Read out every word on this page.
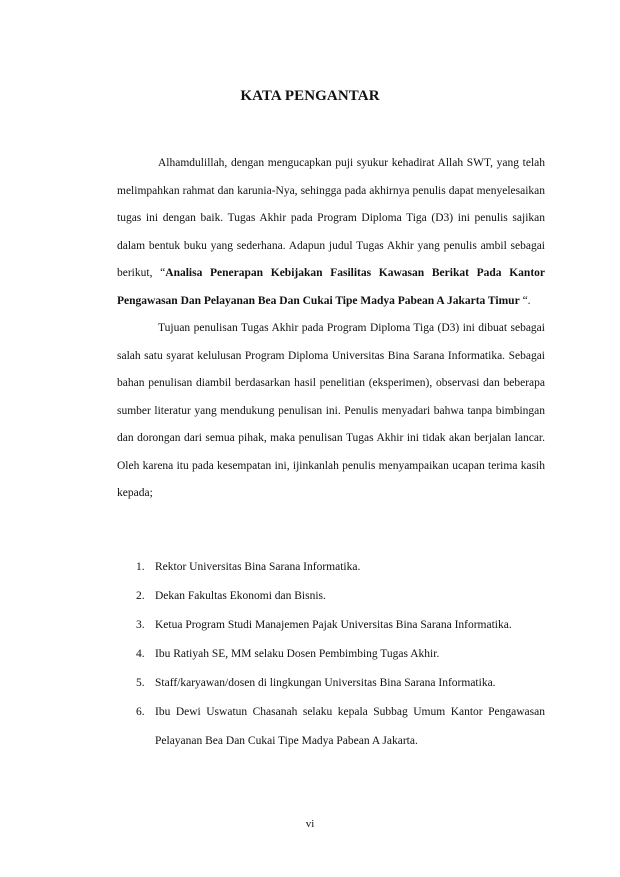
KATA PENGANTAR

Alhamdulillah, dengan mengucapkan puji syukur kehadirat Allah SWT, yang telah melimpahkan rahmat dan karunia-Nya, sehingga pada akhirnya penulis dapat menyelesaikan tugas ini dengan baik. Tugas Akhir pada Program Diploma Tiga (D3) ini penulis sajikan dalam bentuk buku yang sederhana. Adapun judul Tugas Akhir yang penulis ambil sebagai berikut, “Analisa Penerapan Kebijakan Fasilitas Kawasan Berikat Pada Kantor Pengawasan Dan Pelayanan Bea Dan Cukai Tipe Madya Pabean A Jakarta Timur “.

Tujuan penulisan Tugas Akhir pada Program Diploma Tiga (D3) ini dibuat sebagai salah satu syarat kelulusan Program Diploma Universitas Bina Sarana Informatika. Sebagai bahan penulisan diambil berdasarkan hasil penelitian (eksperimen), observasi dan beberapa sumber literatur yang mendukung penulisan ini. Penulis menyadari bahwa tanpa bimbingan dan dorongan dari semua pihak, maka penulisan Tugas Akhir ini tidak akan berjalan lancar. Oleh karena itu pada kesempatan ini, ijinkanlah penulis menyampaikan ucapan terima kasih kepada;

1. Rektor Universitas Bina Sarana Informatika.
2. Dekan Fakultas Ekonomi dan Bisnis.
3. Ketua Program Studi Manajemen Pajak Universitas Bina Sarana Informatika.
4. Ibu Ratiyah SE, MM selaku Dosen Pembimbing Tugas Akhir.
5. Staff/karyawan/dosen di lingkungan Universitas Bina Sarana Informatika.
6. Ibu Dewi Uswatun Chasanah selaku kepala Subbag Umum Kantor Pengawasan Pelayanan Bea Dan Cukai Tipe Madya Pabean A Jakarta.
vi
